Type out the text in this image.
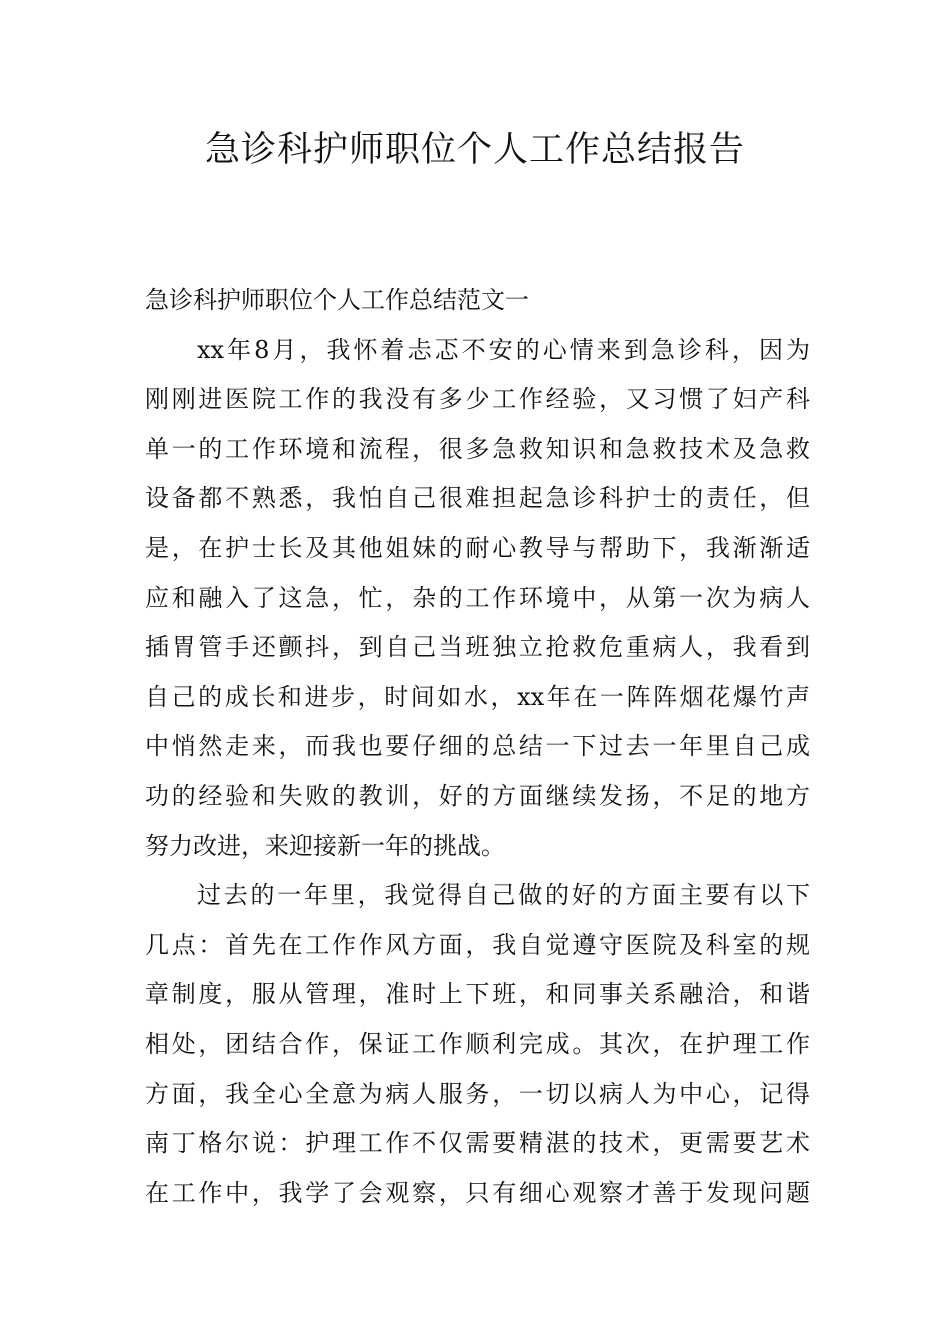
急诊科护师职位个人工作总结报告

急诊科护师职位个人工作总结范文一

xx年8月，我怀着忐忑不安的心情来到急诊科，因为
刚刚进医院工作的我没有多少工作经验，又习惯了妇产科
单一的工作环境和流程，很多急救知识和急救技术及急救
设备都不熟悉，我怕自己很难担起急诊科护士的责任，但
是，在护士长及其他姐妹的耐心教导与帮助下，我渐渐适
应和融入了这急，忙，杂的工作环境中，从第一次为病人
插胃管手还颤抖，到自己当班独立抢救危重病人，我看到
自己的成长和进步，时间如水，xx年在一阵阵烟花爆竹声
中悄然走来，而我也要仔细的总结一下过去一年里自己成
功的经验和失败的教训，好的方面继续发扬，不足的地方
努力改进，来迎接新一年的挑战。

过去的一年里，我觉得自己做的好的方面主要有以下
几点：首先在工作作风方面，我自觉遵守医院及科室的规
章制度，服从管理，准时上下班，和同事关系融洽，和谐
相处，团结合作，保证工作顺利完成。其次，在护理工作
方面，我全心全意为病人服务，一切以病人为中心，记得
南丁格尔说：护理工作不仅需要精湛的技术，更需要艺术
在工作中，我学了会观察，只有细心观察才善于发现问题
